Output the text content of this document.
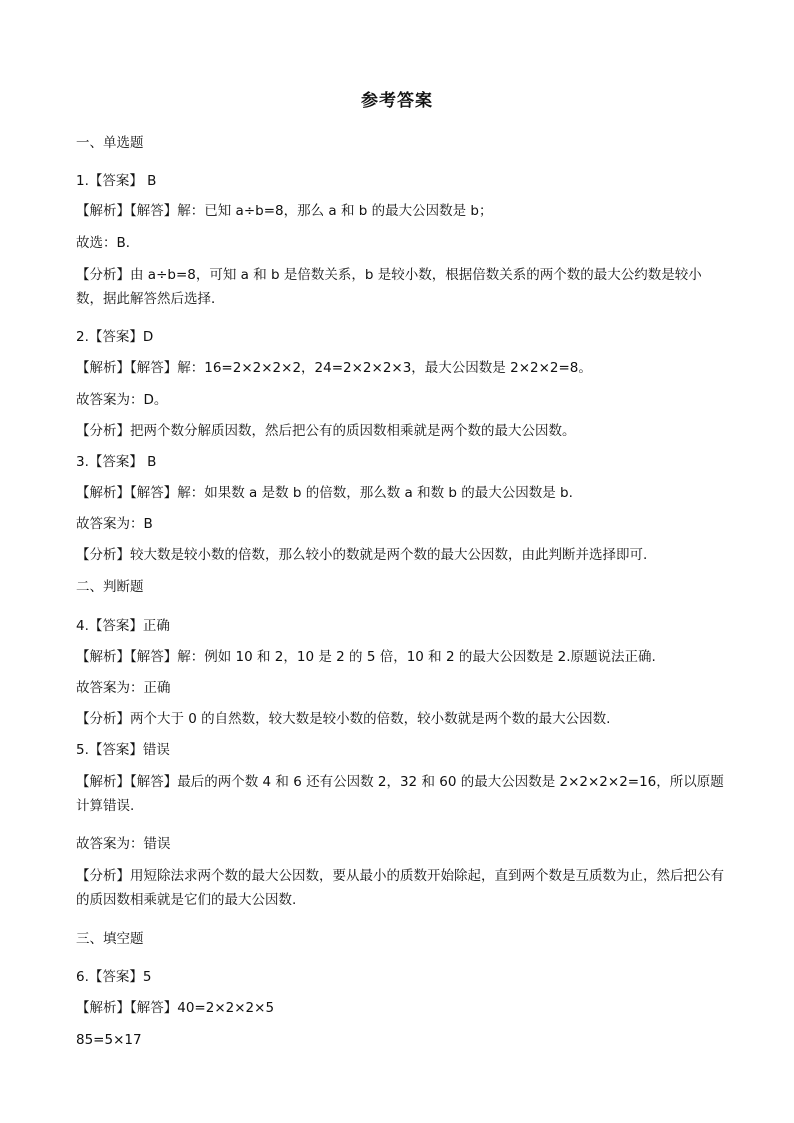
参考答案
一、单选题
1.【答案】 B
【解析】【解答】解：已知 a÷b=8，那么 a 和 b 的最大公因数是 b；
故选：B．
【分析】由 a÷b=8，可知 a 和 b 是倍数关系，b 是较小数，根据倍数关系的两个数的最大公约数是较小数，据此解答然后选择．
2.【答案】D
【解析】【解答】解：16=2×2×2×2，24=2×2×2×3，最大公因数是 2×2×2=8。
故答案为：D。
【分析】把两个数分解质因数，然后把公有的质因数相乘就是两个数的最大公因数。
3.【答案】 B
【解析】【解答】解：如果数 a 是数 b 的倍数，那么数 a 和数 b 的最大公因数是 b.
故答案为：B
【分析】较大数是较小数的倍数，那么较小的数就是两个数的最大公因数，由此判断并选择即可.
二、判断题
4.【答案】正确
【解析】【解答】解：例如 10 和 2，10 是 2 的 5 倍，10 和 2 的最大公因数是 2.原题说法正确.
故答案为：正确
【分析】两个大于 0 的自然数，较大数是较小数的倍数，较小数就是两个数的最大公因数.
5.【答案】错误
【解析】【解答】最后的两个数 4 和 6 还有公因数 2，32 和 60 的最大公因数是 2×2×2×2=16，所以原题计算错误.
故答案为：错误
【分析】用短除法求两个数的最大公因数，要从最小的质数开始除起，直到两个数是互质数为止，然后把公有的质因数相乘就是它们的最大公因数.
三、填空题
6.【答案】5
【解析】【解答】40=2×2×2×5
85=5×17
